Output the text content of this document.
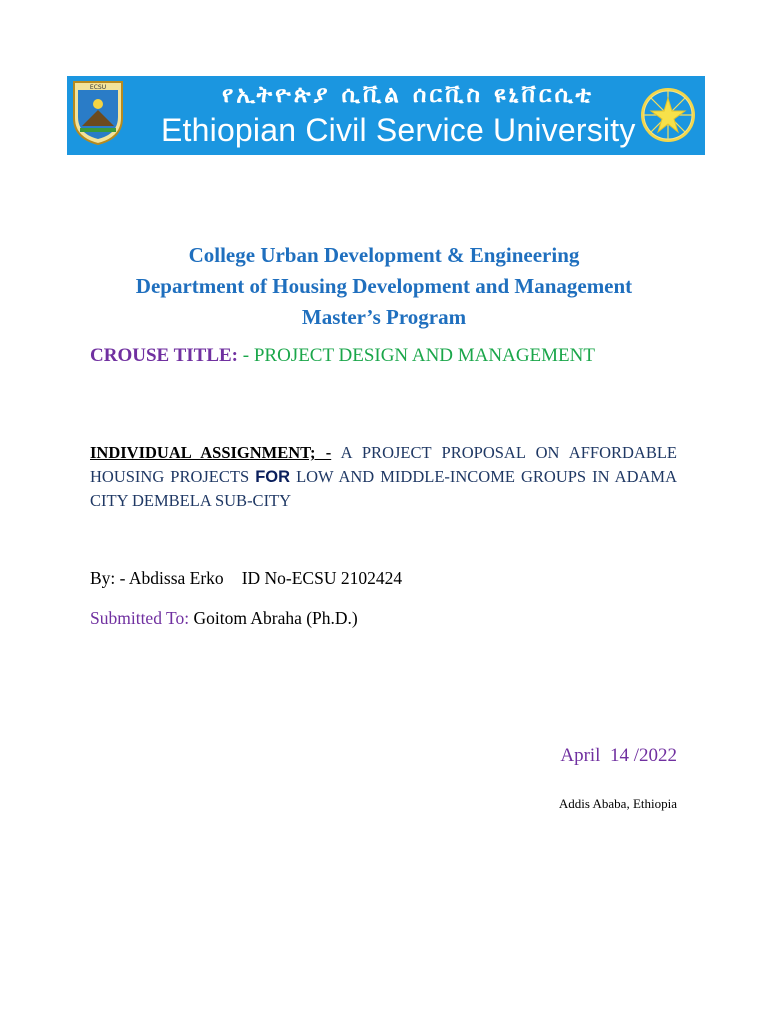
ECSU	የኢትዮጵያ ሲቪል ሰርቪስ ዩኒቨርሲቲ
Ethiopian Civil Service University
College Urban Development & Engineering
Department of Housing Development and Management
Master’s Program
CROUSE TITLE: - PROJECT DESIGN AND MANAGEMENT
INDIVIDUAL ASSIGNMENT; - A PROJECT PROPOSAL ON AFFORDABLE HOUSING PROJECTS FOR LOW AND MIDDLE-INCOME GROUPS IN ADAMA CITY DEMBELA SUB-CITY
By: - Abdissa Erko ID No-ECSU 2102424
Submitted To: Goitom Abraha (Ph.D.)
April  14 /2022
Addis Ababa, Ethiopia
